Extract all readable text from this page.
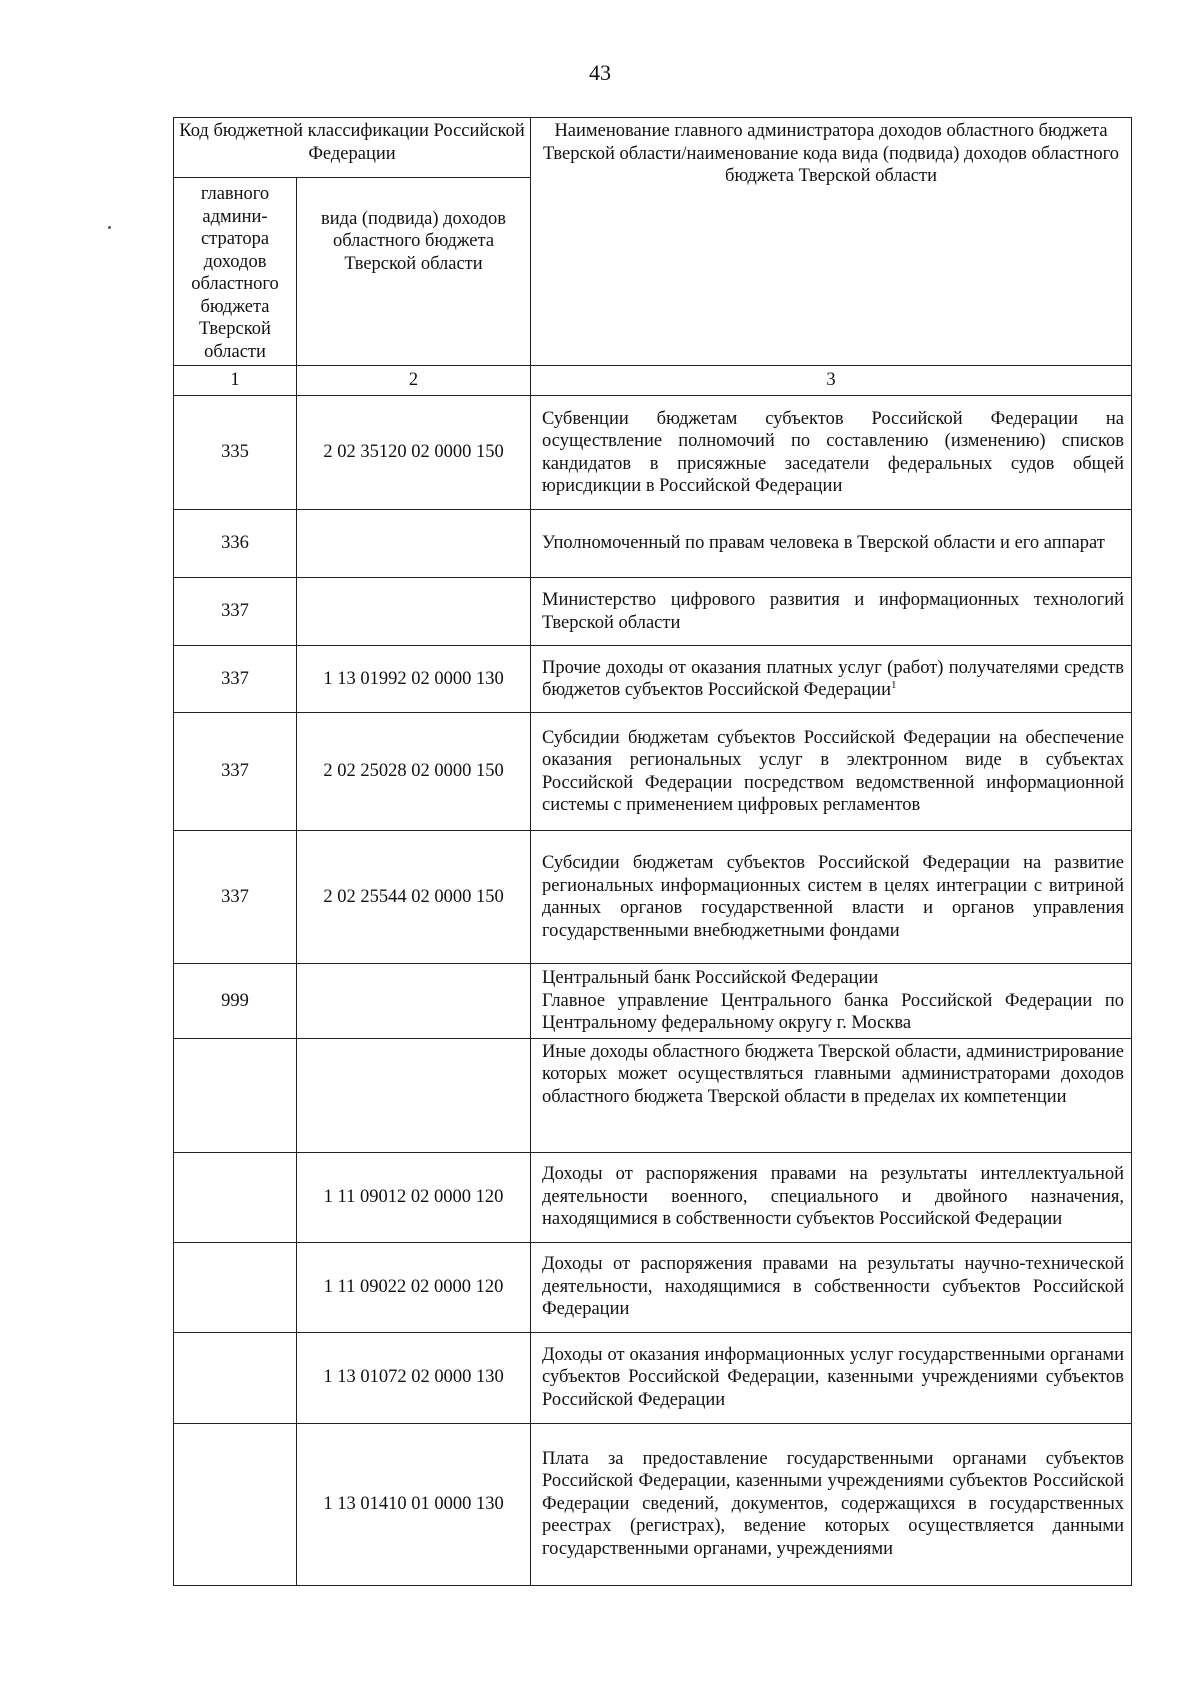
43
Код бюджетной классификации Российской Федерации		Наименование главного администратора доходов областного бюджета Тверской области/наименование кода вида (подвида) доходов областного бюджета Тверской области
главного админи-стратора доходов областного бюджета Тверской области	вида (подвида) доходов областного бюджета Тверской области	
1	2	3
335	2 02 35120 02 0000 150	Субвенции бюджетам субъектов Российской Федерации на осуществление полномочий по составлению (изменению) списков кандидатов в присяжные заседатели федеральных судов общей юрисдикции в Российской Федерации
336		Уполномоченный по правам человека в Тверской области и его аппарат
337		Министерство цифрового развития и информационных технологий Тверской области
337	1 13 01992 02 0000 130	Прочие доходы от оказания платных услуг (работ) получателями средств бюджетов субъектов Российской Федерации$^1$
337	2 02 25028 02 0000 150	Субсидии бюджетам субъектов Российской Федерации на обеспечение оказания региональных услуг в электронном виде в субъектах Российской Федерации посредством ведомственной информационной системы с применением цифровых регламентов
337	2 02 25544 02 0000 150	Субсидии бюджетам субъектов Российской Федерации на развитие региональных информационных систем в целях интеграции с витриной данных органов государственной власти и органов управления государственными внебюджетными фондами
999		Центральный банк Российской Федерации
Главное управление Центрального банка Российской Федерации по Центральному федеральному округу г. Москва

		Иные доходы областного бюджета Тверской области, администрирование которых может осуществляться главными администраторами доходов областного бюджета Тверской области в пределах их компетенции
	1 11 09012 02 0000 120	Доходы от распоряжения правами на результаты интеллектуальной деятельности военного, специального и двойного назначения, находящимися в собственности субъектов Российской Федерации
	1 11 09022 02 0000 120	Доходы от распоряжения правами на результаты научно-технической деятельности, находящимися в собственности субъектов Российской Федерации
	1 13 01072 02 0000 130	Доходы от оказания информационных услуг государственными органами субъектов Российской Федерации, казенными учреждениями субъектов Российской Федерации
	1 13 01410 01 0000 130	Плата за предоставление государственными органами субъектов Российской Федерации, казенными учреждениями субъектов Российской Федерации сведений, документов, содержащихся в государственных реестрах (регистрах), ведение которых осуществляется данными государственными органами, учреждениями
